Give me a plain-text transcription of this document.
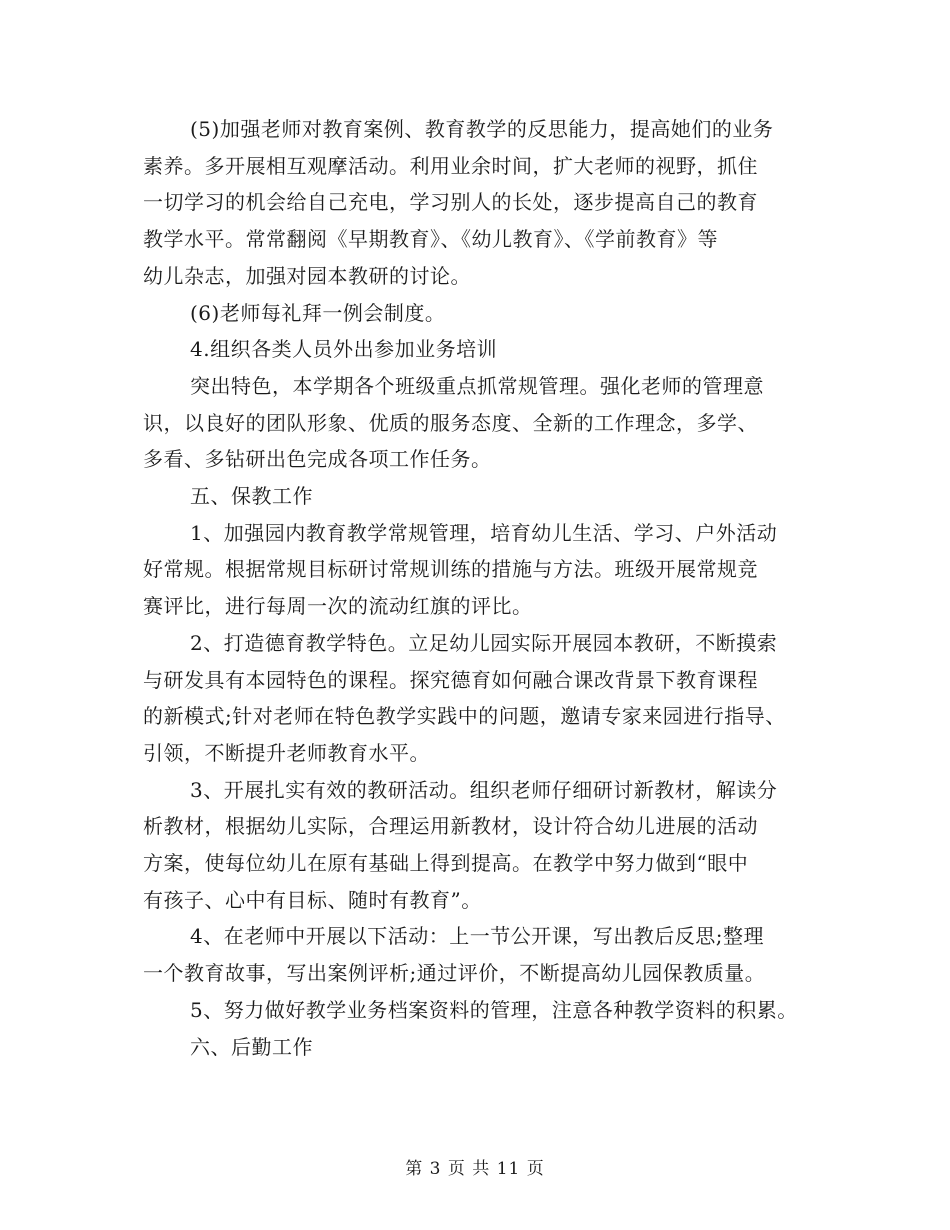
(5)加强老师对教育案例、教育教学的反思能力，提高她们的业务
素养。多开展相互观摩活动。利用业余时间，扩大老师的视野，抓住
一切学习的机会给自己充电，学习别人的长处，逐步提高自己的教育
教学水平。常常翻阅《早期教育》、《幼儿教育》、《学前教育》等
幼儿杂志，加强对园本教研的讨论。
(6)老师每礼拜一例会制度。
4.组织各类人员外出参加业务培训
突出特色，本学期各个班级重点抓常规管理。强化老师的管理意
识，以良好的团队形象、优质的服务态度、全新的工作理念，多学、
多看、多钻研出色完成各项工作任务。
五、保教工作
1、加强园内教育教学常规管理，培育幼儿生活、学习、户外活动
好常规。根据常规目标研讨常规训练的措施与方法。班级开展常规竞
赛评比，进行每周一次的流动红旗的评比。
2、打造德育教学特色。立足幼儿园实际开展园本教研，不断摸索
与研发具有本园特色的课程。探究德育如何融合课改背景下教育课程
的新模式;针对老师在特色教学实践中的问题，邀请专家来园进行指导、
引领，不断提升老师教育水平。
3、开展扎实有效的教研活动。组织老师仔细研讨新教材，解读分
析教材，根据幼儿实际，合理运用新教材，设计符合幼儿进展的活动
方案，使每位幼儿在原有基础上得到提高。在教学中努力做到“眼中
有孩子、心中有目标、随时有教育”。
4、在老师中开展以下活动：上一节公开课，写出教后反思;整理
一个教育故事，写出案例评析;通过评价，不断提高幼儿园保教质量。
5、努力做好教学业务档案资料的管理，注意各种教学资料的积累。
六、后勤工作
第 3 页 共 11 页
